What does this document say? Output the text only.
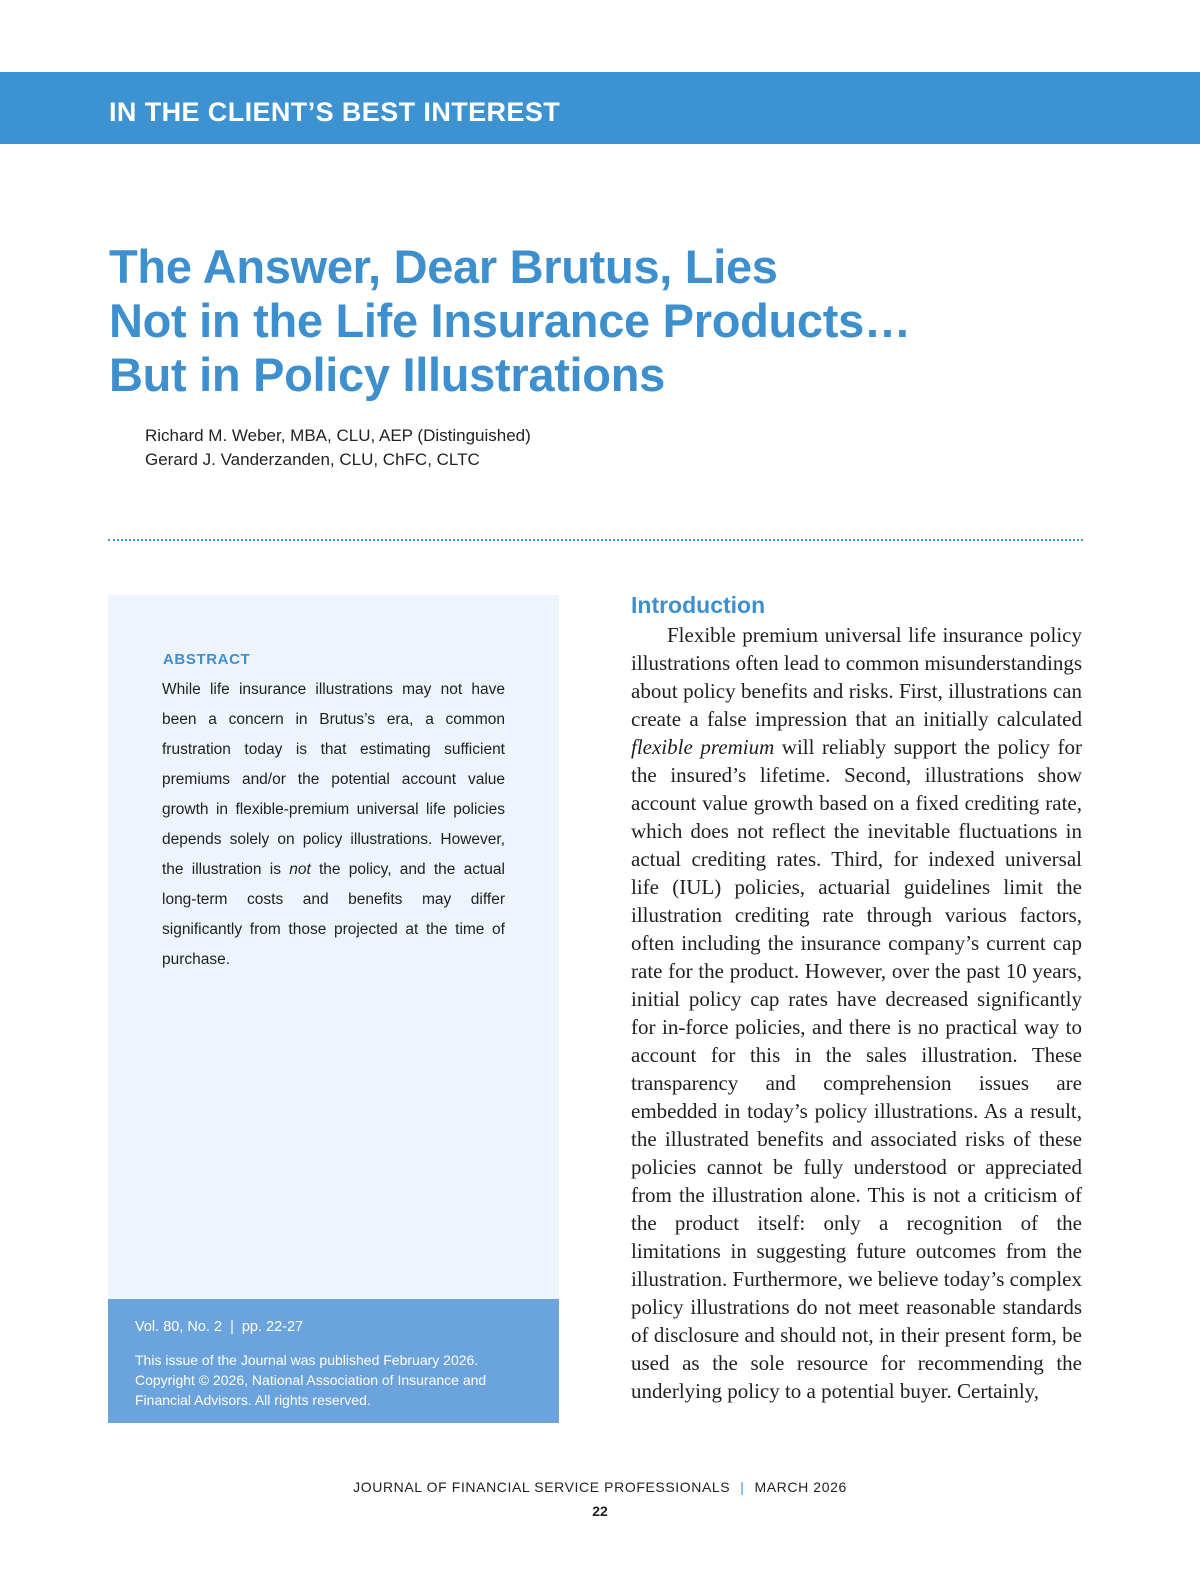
IN THE CLIENT’S BEST INTEREST
The Answer, Dear Brutus, Lies
Not in the Life Insurance Products…
But in Policy Illustrations
Richard M. Weber, MBA, CLU, AEP (Distinguished)
Gerard J. Vanderzanden, CLU, ChFC, CLTC
ABSTRACT

While life insurance illustrations may not have been a concern in Brutus’s era, a common frustration today is that estimating sufficient premiums and/or the potential account value growth in flexible-premium universal life policies depends solely on policy illustrations. However, the illustration is not the policy, and the actual long-term costs and benefits may differ significantly from those projected at the time of purchase.

Vol. 80, No. 2 | pp. 22-27
This issue of the Journal was published February 2026. Copyright © 2026, National Association of Insurance and Financial Advisors. All rights reserved.
Introduction

Flexible premium universal life insurance policy illustrations often lead to common misunderstandings about policy benefits and risks. First, illustrations can create a false impression that an initially calculated flexible premium will reliably support the policy for the insured’s lifetime. Second, illustrations show account value growth based on a fixed crediting rate, which does not reflect the inevitable fluctuations in actual crediting rates. Third, for indexed universal life (IUL) policies, actuarial guidelines limit the illustration crediting rate through various factors, often including the insurance company’s current cap rate for the product. However, over the past 10 years, initial policy cap rates have decreased significantly for in-force policies, and there is no practical way to account for this in the sales illustration. These transparency and comprehension issues are embedded in today’s policy illustrations. As a result, the illustrated benefits and associated risks of these policies cannot be fully understood or appreciated from the illustration alone. This is not a criticism of the product itself: only a recognition of the limitations in suggesting future outcomes from the illustration. Furthermore, we believe today’s complex policy illustrations do not meet reasonable standards of disclosure and should not, in their present form, be used as the sole resource for recommending the underlying policy to a potential buyer. Certainly,

JOURNAL OF FINANCIAL SERVICE PROFESSIONALS | MARCH 2026
22
